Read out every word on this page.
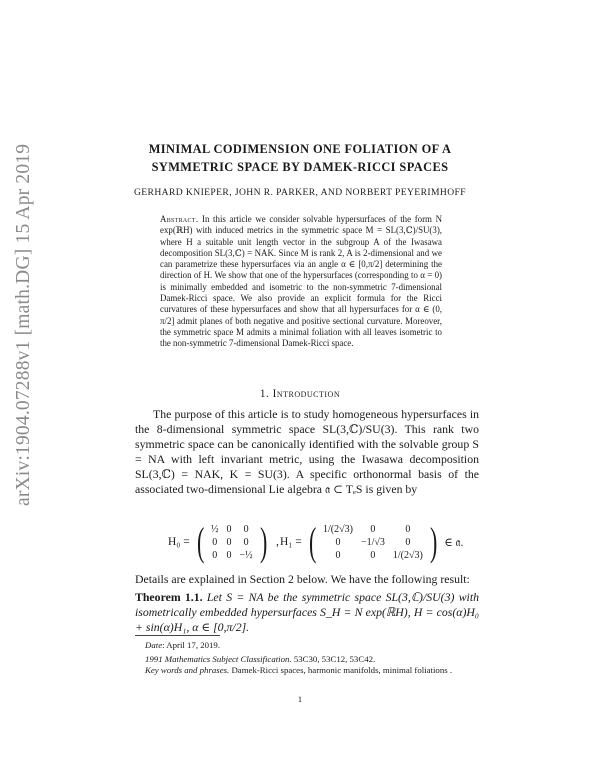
arXiv:1904.07288v1 [math.DG] 15 Apr 2019	MINIMAL CODIMENSION ONE FOLIATION OF A
SYMMETRIC SPACE BY DAMEK-RICCI SPACES
GERHARD KNIEPER, JOHN R. PARKER, AND NORBERT PEYERIMHOFF
Abstract. In this article we consider solvable hypersurfaces of the form N exp(ℝH) with induced metrics in the symmetric space M = SL(3,ℂ)/SU(3), where H a suitable unit length vector in the subgroup A of the Iwasawa decomposition SL(3,ℂ) = NAK. Since M is rank 2, A is 2-dimensional and we can parametrize these hypersurfaces via an angle α ∈ [0,π/2] determining the direction of H. We show that one of the hypersurfaces (corresponding to α = 0) is minimally embedded and isometric to the non-symmetric 7-dimensional Damek-Ricci space. We also provide an explicit formula for the Ricci curvatures of these hypersurfaces and show that all hypersurfaces for α ∈ (0, π/2] admit planes of both negative and positive sectional curvature. Moreover, the symmetric space M admits a minimal foliation with all leaves isometric to the non-symmetric 7-dimensional Damek-Ricci space.
1. Introduction
The purpose of this article is to study homogeneous hypersurfaces in the 8-dimensional symmetric space SL(3,ℂ)/SU(3). This rank two symmetric space can be canonically identified with the solvable group S = NA with left invariant metric, using the Iwasawa decomposition SL(3,ℂ) = NAK, K = SU(3). A specific orthonormal basis of the associated two-dimensional Lie algebra 𝔞 ⊂ TₑS is given by
H₀ = ( ½	0	0
0	0	0
0	0	−½ ) , H₁ = ( 1/(2√3)	0	0
0	−1/√3	0
0	0	1/(2√3) ) ∈ 𝔞.
Details are explained in Section 2 below. We have the following result:
Theorem 1.1. Let S = NA be the symmetric space SL(3,ℂ)/SU(3) with isometrically embedded hypersurfaces S_H = N exp(ℝH), H = cos(α)H₀ + sin(α)H₁, α ∈ [0,π/2].
Date: April 17, 2019.
1991 Mathematics Subject Classification. 53C30, 53C12, 53C42.
Key words and phrases. Damek-Ricci spaces, harmonic manifolds, minimal foliations .
1
